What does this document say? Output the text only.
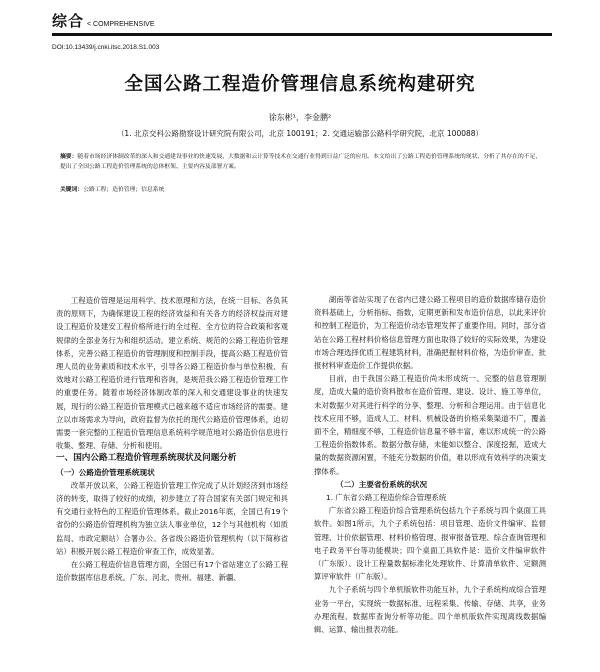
综合 < COMPREHENSIVE
DOI:10.13439/j.cnki.itsc.2018.S1.003
全国公路工程造价管理信息系统构建研究
徐东彬¹，李金鹏²
（1. 北京交科公路勘察设计研究院有限公司，北京 100191；2. 交通运输部公路科学研究院，北京 100088）
摘要：随着市场经济体制改革的深入和交通建设事业的快速发展，大数据和云计算等技术在交通行业得到日益广泛的应用。本文给出了公路工程造价管理系统的现状，分析了其存在的不足，提出了全国公路工程造价管理系统的总体框架、主要内容及部署方案。
关键词：公路工程；造价管理；信息系统

工程造价管理是运用科学、技术原理和方法，在统一目标、各负其责的原则下，为确保建设工程的经济效益和有关各方的经济权益而对建设工程造价及建安工程价格所进行的全过程、全方位的符合政策和客观规律的全部业务行为和组织活动。建立系统、规范的公路工程造价管理体系，完善公路工程造价的管理制度和控制手段，提高公路工程造价管理人员的业务素质和技术水平，引导各公路工程造价参与单位积极、有效地对公路工程造价进行管理和咨询，是规范我公路工程造价管理工作的重要任务。随着市场经济体制改革的深入和交通建设事业的快速发展，现行的公路工程造价管理模式已越来越不适应市场经济的需要。建立以市场需求为导向，政府监督为依托的现代公路造价管理体系，迫切需要一套完整的工程造价管理信息系统科学规范地对公路造价信息进行收集、整理、存储、分析和使用。

一、国内公路工程造价管理系统现状及问题分析

（一）公路造价管理系统现状

改革开放以来，公路工程造价管理工作完成了从计划经济到市场经济的转变，取得了较好的成绩，初步建立了符合国家有关部门规定和具有交通行业特色的工程造价管理体系。截止2016年底，全国已有19个省份的公路造价管理机构为独立法人事业单位，12个与其他机构（如质监局、市政定额站）合署办公。各省级公路造价管理机构（以下简称省站）积极开展公路工程造价审查工作，成效显著。

在公路工程造价信息管理方面，全国已有17个省站建立了公路工程造价数据库信息系统。广东、河北、贵州、福建、新疆、

湖南等省站实现了在省内已建公路工程项目的造价数据库储存造价资料基础上，分析指标、指数，定期更新和发布造价信息，以此来评价和控制工程造价，为工程造价动态管理发挥了重要作用。同时，部分省站在公路工程材料价格信息管理方面也取得了较好的实际效果，为建设市场合理选择优质工程建筑材料，准确把握材料价格，为造价审查、批报材料审查造价工作提供依据。

目前，由于我国公路工程造价尚未形成统一、完整的信息管理制度，造成大量的造价资料散布在造价管理、建设、设计、施工等单位，未对数据少对其进行科学的分享、整理、分析和合理运用。由于信息化技术应用不够，造成人工、材料、机械设备的价格采集渠道不广，覆盖面不全，精细度不够，工程造价信息量不够丰富，难以形成统一的公路工程造价指数体系。数据分散存储，未能如以整合、深度挖掘，造成大量的数据资源闲置，不能充分数据的价值，难以形成有效科学的决策支撑体系。

（二）主要省份系统的状况

1. 广东省公路工程造价综合管理系统

广东省公路工程造价综合管理系统包括九个子系统与四个桌面工具软件。如图1所示，九个子系统包括：项目管理、造价文件编审、监督管理、计价依据管理、材料价格管理、报审报备管理、综合查询管理和电子政务平台等功能模块；四个桌面工具软件是：造价文件编审软件（广东版）、设计工程量数据标准化处理软件、计算清单软件、定额测算评审软件（广东版）。

九个子系统与四个单机版软件功能互补，九个子系统构成综合管理业务一平台，实现统一数据标准、远程采集、传输、存储、共享，业务办理流程、数据库查询分析等功能。四个单机版软件实现离线数据编辑、运算、输出报表功能。
